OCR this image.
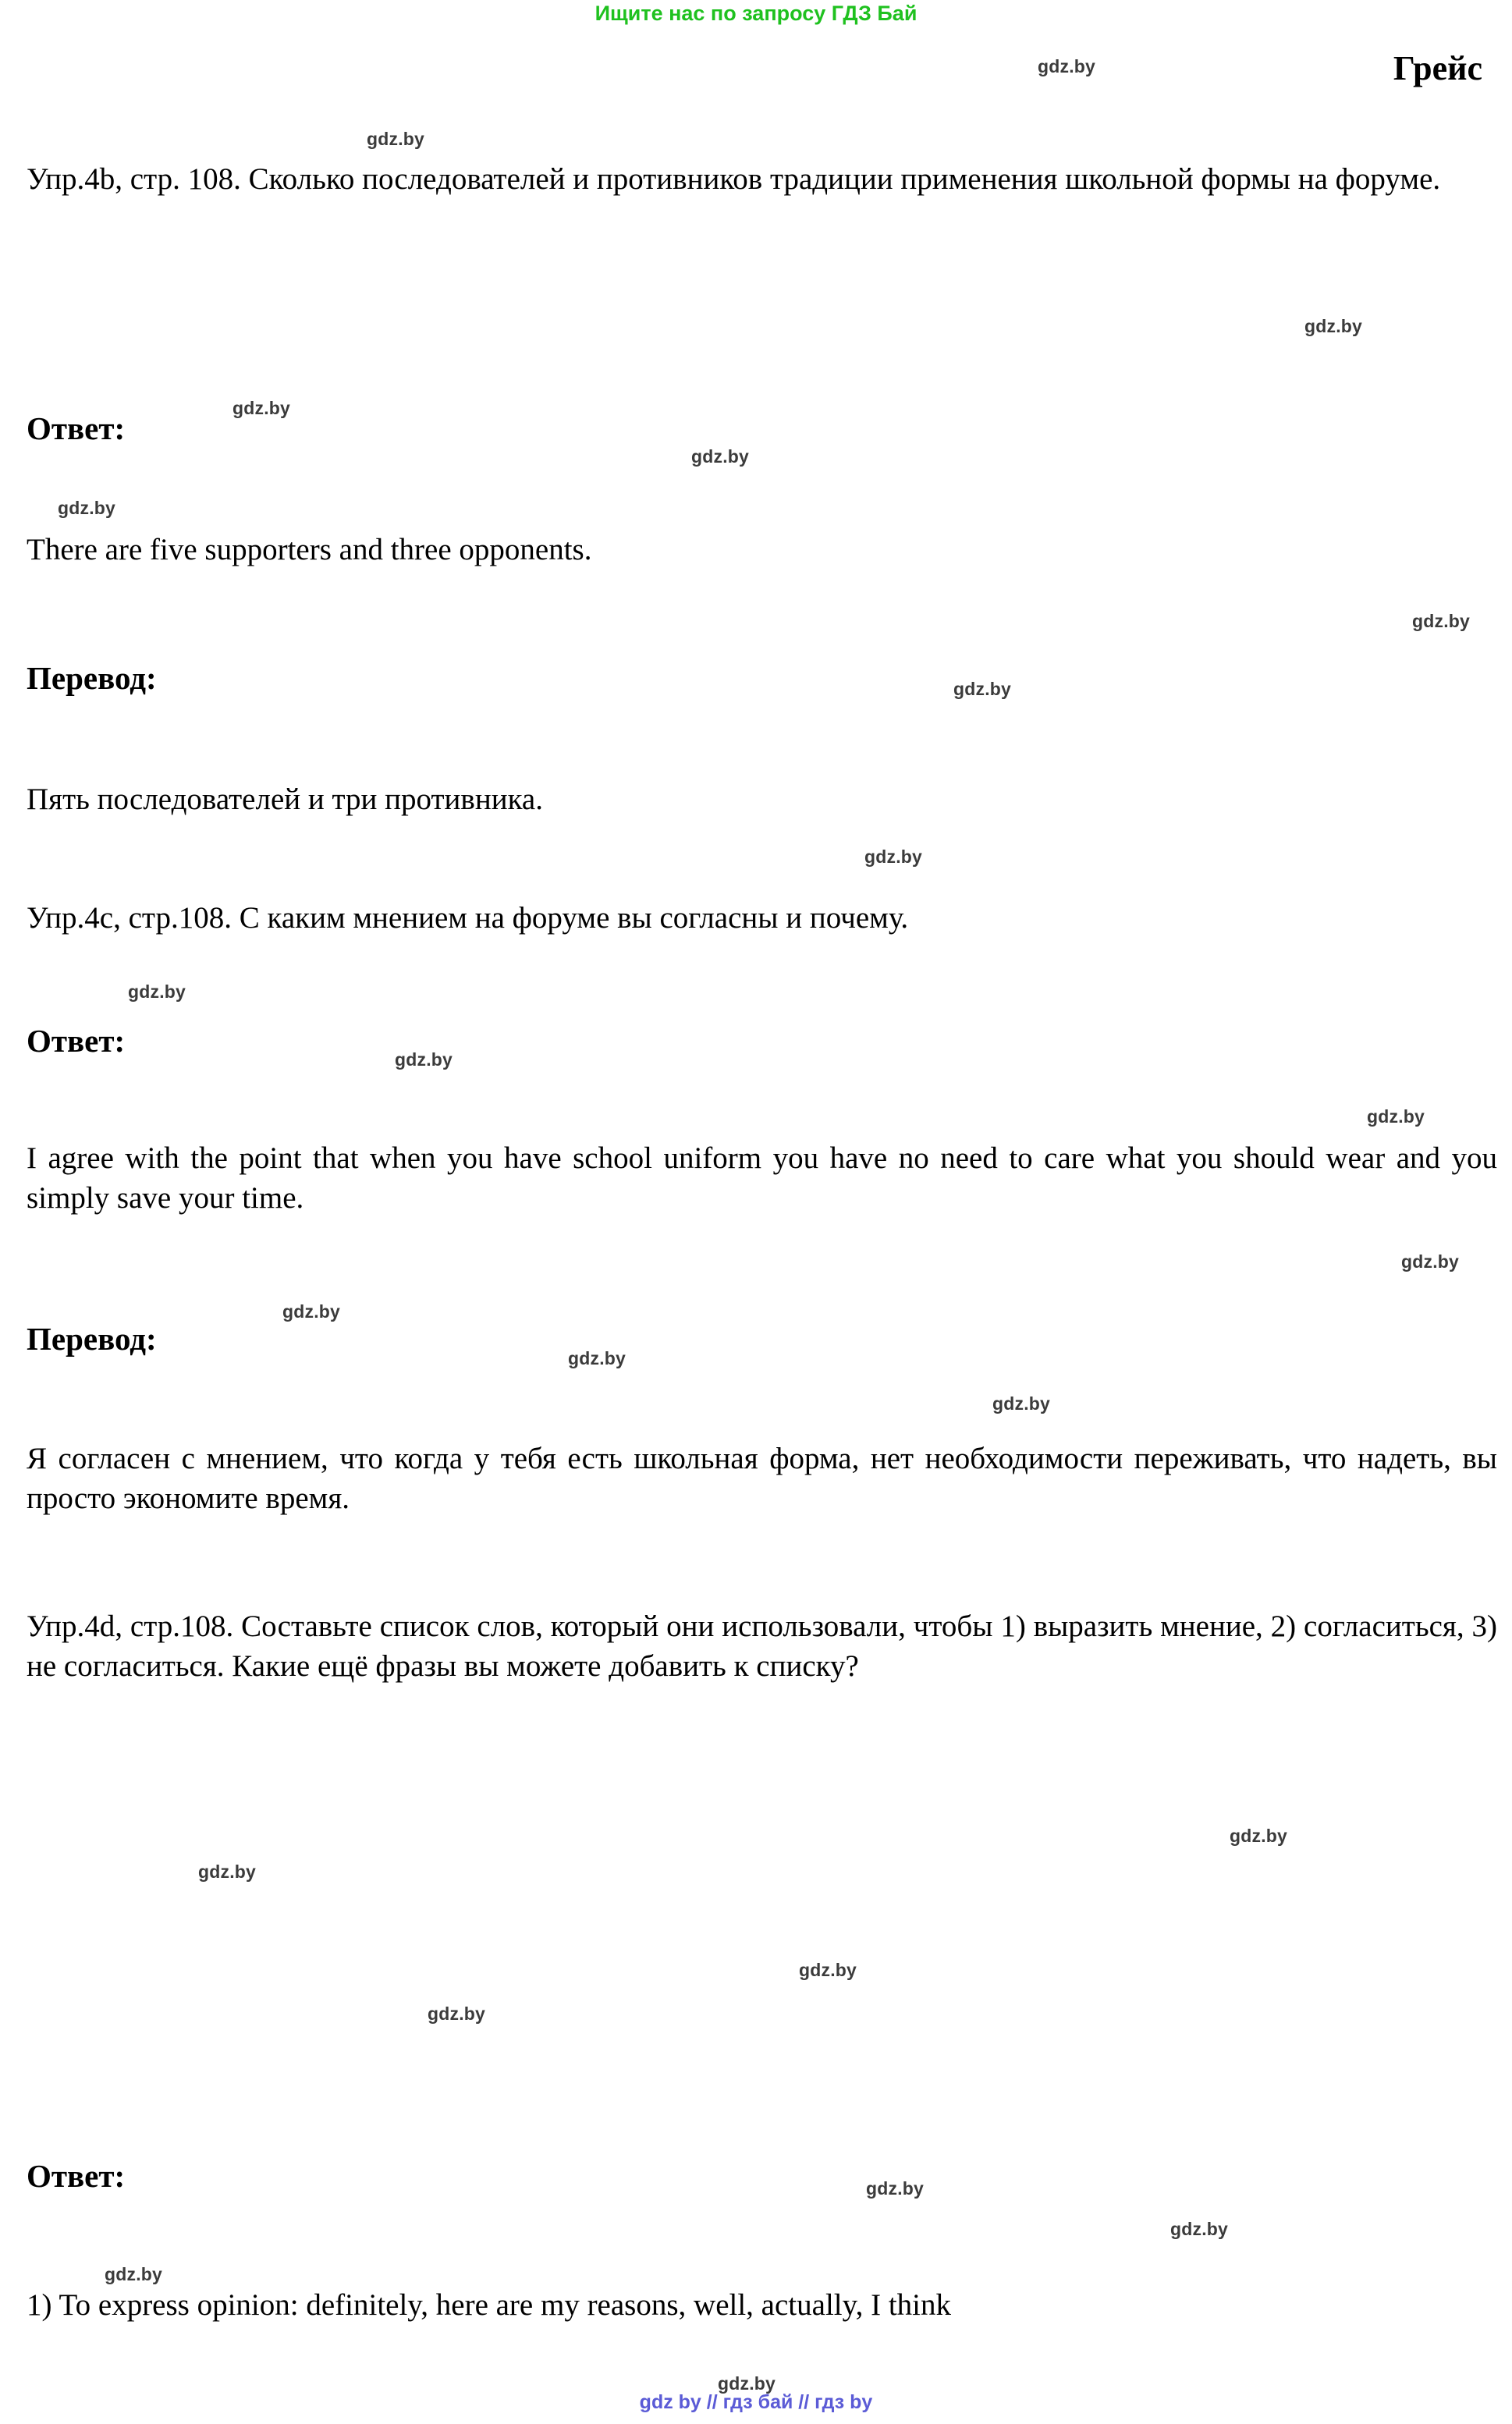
Ищите нас по запросу ГДЗ Бай
Грейс
Упр.4b, стр. 108. Сколько последователей и противников традиции применения школьной формы на форуме.
Ответ:
There are five supporters and three opponents.
Перевод:
Пять последователей и три противника.
Упр.4c, стр.108. С каким мнением на форуме вы согласны и почему.
Ответ:
I agree with the point that when you have school uniform you have no need to care what you should wear and you simply save your time.
Перевод:
Я согласен с мнением, что когда у тебя есть школьная форма, нет необходимости переживать, что надеть, вы просто экономите время.
Упр.4d, стр.108. Составьте список слов, который они использовали, чтобы 1) выразить мнение, 2) согласиться, 3) не согласиться. Какие ещё фразы вы можете добавить к списку?
Ответ:
1) To express opinion: definitely, here are my reasons, well, actually, I think
gdz by // гдз бай // гдз by
gdz.by
gdz.by
gdz.by
gdz.by
gdz.by
gdz.by
gdz.by
gdz.by
gdz.by
gdz.by
gdz.by
gdz.by
gdz.by
gdz.by
gdz.by
gdz.by
gdz.by
gdz.by
gdz.by
gdz.by
gdz.by
gdz.by
gdz.by
gdz.by
